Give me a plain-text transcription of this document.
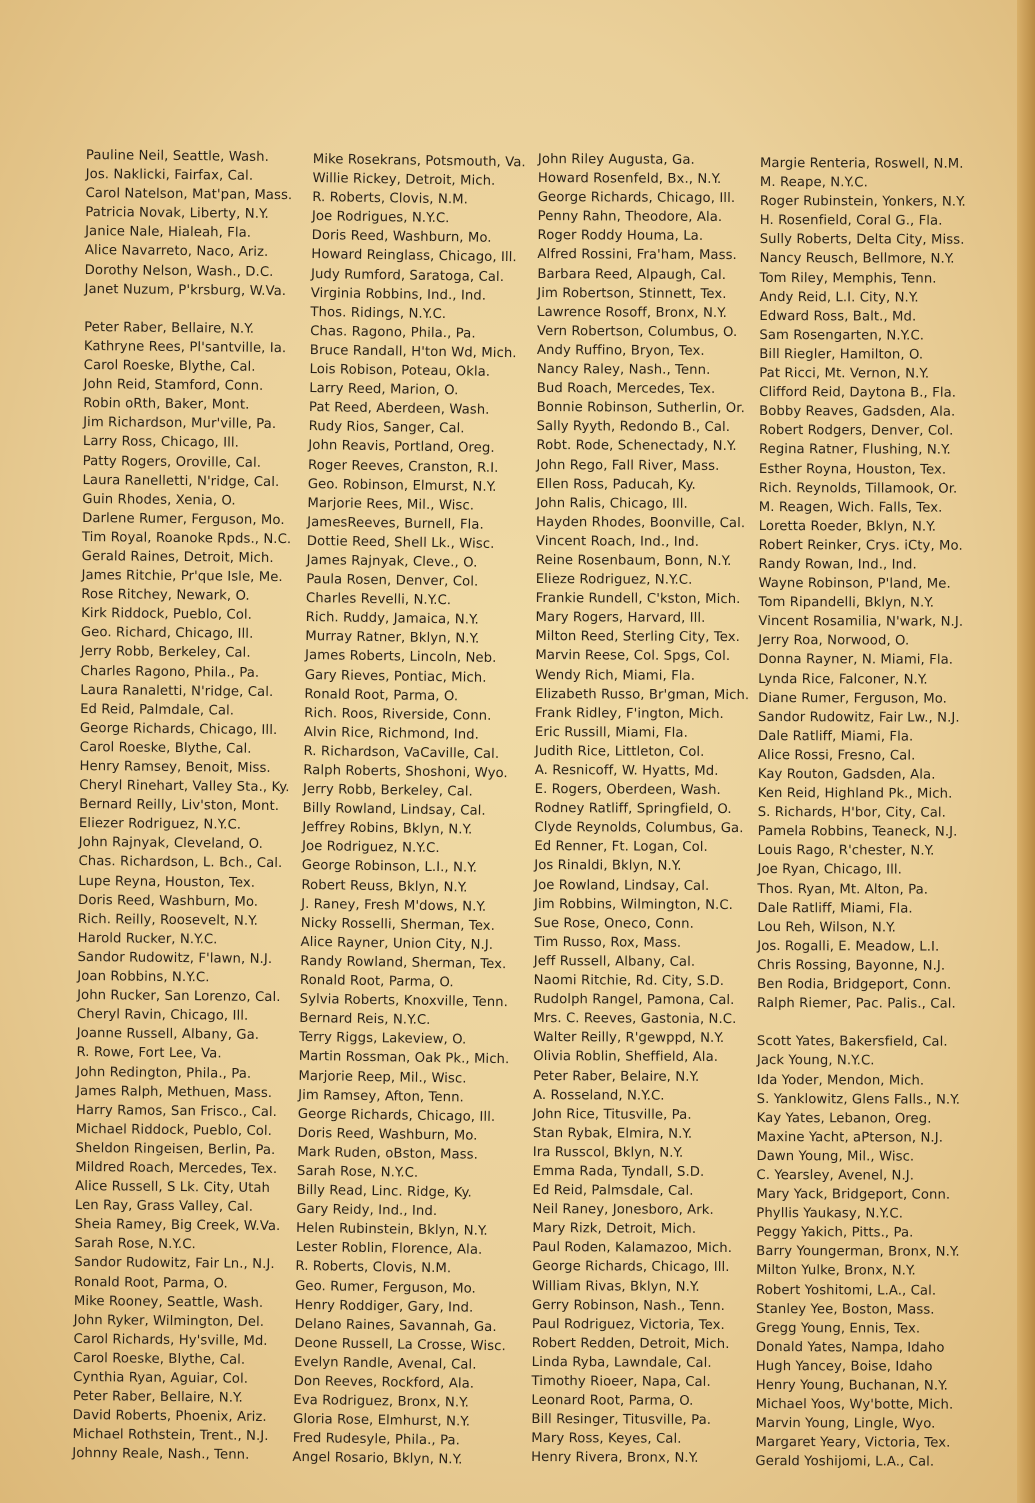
Pauline Neil, Seattle, Wash.
Jos. Naklicki, Fairfax, Cal.
Carol Natelson, Mat'pan, Mass.
Patricia Novak, Liberty, N.Y.
Janice Nale, Hialeah, Fla.
Alice Navarreto, Naco, Ariz.
Dorothy Nelson, Wash., D.C.
Janet Nuzum, P'krsburg, W.Va.
Peter Raber, Bellaire, N.Y.
Kathryne Rees, Pl'santville, Ia.
Carol Roeske, Blythe, Cal.
John Reid, Stamford, Conn.
Robin oRth, Baker, Mont.
Jim Richardson, Mur'ville, Pa.
Larry Ross, Chicago, Ill.
Patty Rogers, Oroville, Cal.
Laura Ranelletti, N'ridge, Cal.
Guin Rhodes, Xenia, O.
Darlene Rumer, Ferguson, Mo.
Tim Royal, Roanoke Rpds., N.C.
Gerald Raines, Detroit, Mich.
James Ritchie, Pr'que Isle, Me.
Rose Ritchey, Newark, O.
Kirk Riddock, Pueblo, Col.
Geo. Richard, Chicago, Ill.
Jerry Robb, Berkeley, Cal.
Charles Ragono, Phila., Pa.
Laura Ranaletti, N'ridge, Cal.
Ed Reid, Palmdale, Cal.
George Richards, Chicago, Ill.
Carol Roeske, Blythe, Cal.
Henry Ramsey, Benoit, Miss.
Cheryl Rinehart, Valley Sta., Ky.
Bernard Reilly, Liv'ston, Mont.
Eliezer Rodriguez, N.Y.C.
John Rajnyak, Cleveland, O.
Chas. Richardson, L. Bch., Cal.
Lupe Reyna, Houston, Tex.
Doris Reed, Washburn, Mo.
Rich. Reilly, Roosevelt, N.Y.
Harold Rucker, N.Y.C.
Sandor Rudowitz, F'lawn, N.J.
Joan Robbins, N.Y.C.
John Rucker, San Lorenzo, Cal.
Cheryl Ravin, Chicago, Ill.
Joanne Russell, Albany, Ga.
R. Rowe, Fort Lee, Va.
John Redington, Phila., Pa.
James Ralph, Methuen, Mass.
Harry Ramos, San Frisco., Cal.
Michael Riddock, Pueblo, Col.
Sheldon Ringeisen, Berlin, Pa.
Mildred Roach, Mercedes, Tex.
Alice Russell, S Lk. City, Utah
Len Ray, Grass Valley, Cal.
Sheia Ramey, Big Creek, W.Va.
Sarah Rose, N.Y.C.
Sandor Rudowitz, Fair Ln., N.J.
Ronald Root, Parma, O.
Mike Rooney, Seattle, Wash.
John Ryker, Wilmington, Del.
Carol Richards, Hy'sville, Md.
Carol Roeske, Blythe, Cal.
Cynthia Ryan, Aguiar, Col.
Peter Raber, Bellaire, N.Y.
David Roberts, Phoenix, Ariz.
Michael Rothstein, Trent., N.J.
Johnny Reale, Nash., Tenn.
Mike Rosekrans, Potsmouth, Va.
Willie Rickey, Detroit, Mich.
R. Roberts, Clovis, N.M.
Joe Rodrigues, N.Y.C.
Doris Reed, Washburn, Mo.
Howard Reinglass, Chicago, Ill.
Judy Rumford, Saratoga, Cal.
Virginia Robbins, Ind., Ind.
Thos. Ridings, N.Y.C.
Chas. Ragono, Phila., Pa.
Bruce Randall, H'ton Wd, Mich.
Lois Robison, Poteau, Okla.
Larry Reed, Marion, O.
Pat Reed, Aberdeen, Wash.
Rudy Rios, Sanger, Cal.
John Reavis, Portland, Oreg.
Roger Reeves, Cranston, R.I.
Geo. Robinson, Elmurst, N.Y.
Marjorie Rees, Mil., Wisc.
JamesReeves, Burnell, Fla.
Dottie Reed, Shell Lk., Wisc.
James Rajnyak, Cleve., O.
Paula Rosen, Denver, Col.
Charles Revelli, N.Y.C.
Rich. Ruddy, Jamaica, N.Y.
Murray Ratner, Bklyn, N.Y.
James Roberts, Lincoln, Neb.
Gary Rieves, Pontiac, Mich.
Ronald Root, Parma, O.
Rich. Roos, Riverside, Conn.
Alvin Rice, Richmond, Ind.
R. Richardson, VaCaville, Cal.
Ralph Roberts, Shoshoni, Wyo.
Jerry Robb, Berkeley, Cal.
Billy Rowland, Lindsay, Cal.
Jeffrey Robins, Bklyn, N.Y.
Joe Rodriguez, N.Y.C.
George Robinson, L.I., N.Y.
Robert Reuss, Bklyn, N.Y.
J. Raney, Fresh M'dows, N.Y.
Nicky Rosselli, Sherman, Tex.
Alice Rayner, Union City, N.J.
Randy Rowland, Sherman, Tex.
Ronald Root, Parma, O.
Sylvia Roberts, Knoxville, Tenn.
Bernard Reis, N.Y.C.
Terry Riggs, Lakeview, O.
Martin Rossman, Oak Pk., Mich.
Marjorie Reep, Mil., Wisc.
Jim Ramsey, Afton, Tenn.
George Richards, Chicago, Ill.
Doris Reed, Washburn, Mo.
Mark Ruden, oBston, Mass.
Sarah Rose, N.Y.C.
Billy Read, Linc. Ridge, Ky.
Gary Reidy, Ind., Ind.
Helen Rubinstein, Bklyn, N.Y.
Lester Roblin, Florence, Ala.
R. Roberts, Clovis, N.M.
Geo. Rumer, Ferguson, Mo.
Henry Roddiger, Gary, Ind.
Delano Raines, Savannah, Ga.
Deone Russell, La Crosse, Wisc.
Evelyn Randle, Avenal, Cal.
Don Reeves, Rockford, Ala.
Eva Rodriguez, Bronx, N.Y.
Gloria Rose, Elmhurst, N.Y.
Fred Rudesyle, Phila., Pa.
Angel Rosario, Bklyn, N.Y.
John Riley Augusta, Ga.
Howard Rosenfeld, Bx., N.Y.
George Richards, Chicago, Ill.
Penny Rahn, Theodore, Ala.
Roger Roddy Houma, La.
Alfred Rossini, Fra'ham, Mass.
Barbara Reed, Alpaugh, Cal.
Jim Robertson, Stinnett, Tex.
Lawrence Rosoff, Bronx, N.Y.
Vern Robertson, Columbus, O.
Andy Ruffino, Bryon, Tex.
Nancy Raley, Nash., Tenn.
Bud Roach, Mercedes, Tex.
Bonnie Robinson, Sutherlin, Or.
Sally Ryyth, Redondo B., Cal.
Robt. Rode, Schenectady, N.Y.
John Rego, Fall River, Mass.
Ellen Ross, Paducah, Ky.
John Ralis, Chicago, Ill.
Hayden Rhodes, Boonville, Cal.
Vincent Roach, Ind., Ind.
Reine Rosenbaum, Bonn, N.Y.
Elieze Rodriguez, N.Y.C.
Frankie Rundell, C'kston, Mich.
Mary Rogers, Harvard, Ill.
Milton Reed, Sterling City, Tex.
Marvin Reese, Col. Spgs, Col.
Wendy Rich, Miami, Fla.
Elizabeth Russo, Br'gman, Mich.
Frank Ridley, F'ington, Mich.
Eric Russill, Miami, Fla.
Judith Rice, Littleton, Col.
A. Resnicoff, W. Hyatts, Md.
E. Rogers, Oberdeen, Wash.
Rodney Ratliff, Springfield, O.
Clyde Reynolds, Columbus, Ga.
Ed Renner, Ft. Logan, Col.
Jos Rinaldi, Bklyn, N.Y.
Joe Rowland, Lindsay, Cal.
Jim Robbins, Wilmington, N.C.
Sue Rose, Oneco, Conn.
Tim Russo, Rox, Mass.
Jeff Russell, Albany, Cal.
Naomi Ritchie, Rd. City, S.D.
Rudolph Rangel, Pamona, Cal.
Mrs. C. Reeves, Gastonia, N.C.
Walter Reilly, R'gewppd, N.Y.
Olivia Roblin, Sheffield, Ala.
Peter Raber, Belaire, N.Y.
A. Rosseland, N.Y.C.
John Rice, Titusville, Pa.
Stan Rybak, Elmira, N.Y.
Ira Russcol, Bklyn, N.Y.
Emma Rada, Tyndall, S.D.
Ed Reid, Palmsdale, Cal.
Neil Raney, Jonesboro, Ark.
Mary Rizk, Detroit, Mich.
Paul Roden, Kalamazoo, Mich.
George Richards, Chicago, Ill.
William Rivas, Bklyn, N.Y.
Gerry Robinson, Nash., Tenn.
Paul Rodriguez, Victoria, Tex.
Robert Redden, Detroit, Mich.
Linda Ryba, Lawndale, Cal.
Timothy Rioeer, Napa, Cal.
Leonard Root, Parma, O.
Bill Resinger, Titusville, Pa.
Mary Ross, Keyes, Cal.
Henry Rivera, Bronx, N.Y.
Margie Renteria, Roswell, N.M.
M. Reape, N.Y.C.
Roger Rubinstein, Yonkers, N.Y.
H. Rosenfield, Coral G., Fla.
Sully Roberts, Delta City, Miss.
Nancy Reusch, Bellmore, N.Y.
Tom Riley, Memphis, Tenn.
Andy Reid, L.I. City, N.Y.
Edward Ross, Balt., Md.
Sam Rosengarten, N.Y.C.
Bill Riegler, Hamilton, O.
Pat Ricci, Mt. Vernon, N.Y.
Clifford Reid, Daytona B., Fla.
Bobby Reaves, Gadsden, Ala.
Robert Rodgers, Denver, Col.
Regina Ratner, Flushing, N.Y.
Esther Royna, Houston, Tex.
Rich. Reynolds, Tillamook, Or.
M. Reagen, Wich. Falls, Tex.
Loretta Roeder, Bklyn, N.Y.
Robert Reinker, Crys. iCty, Mo.
Randy Rowan, Ind., Ind.
Wayne Robinson, P'land, Me.
Tom Ripandelli, Bklyn, N.Y.
Vincent Rosamilia, N'wark, N.J.
Jerry Roa, Norwood, O.
Donna Rayner, N. Miami, Fla.
Lynda Rice, Falconer, N.Y.
Diane Rumer, Ferguson, Mo.
Sandor Rudowitz, Fair Lw., N.J.
Dale Ratliff, Miami, Fla.
Alice Rossi, Fresno, Cal.
Kay Routon, Gadsden, Ala.
Ken Reid, Highland Pk., Mich.
S. Richards, H'bor, City, Cal.
Pamela Robbins, Teaneck, N.J.
Louis Rago, R'chester, N.Y.
Joe Ryan, Chicago, Ill.
Thos. Ryan, Mt. Alton, Pa.
Dale Ratliff, Miami, Fla.
Lou Reh, Wilson, N.Y.
Jos. Rogalli, E. Meadow, L.I.
Chris Rossing, Bayonne, N.J.
Ben Rodia, Bridgeport, Conn.
Ralph Riemer, Pac. Palis., Cal.
Scott Yates, Bakersfield, Cal.
Jack Young, N.Y.C.
Ida Yoder, Mendon, Mich.
S. Yanklowitz, Glens Falls., N.Y.
Kay Yates, Lebanon, Oreg.
Maxine Yacht, aPterson, N.J.
Dawn Young, Mil., Wisc.
C. Yearsley, Avenel, N.J.
Mary Yack, Bridgeport, Conn.
Phyllis Yaukasy, N.Y.C.
Peggy Yakich, Pitts., Pa.
Barry Youngerman, Bronx, N.Y.
Milton Yulke, Bronx, N.Y.
Robert Yoshitomi, L.A., Cal.
Stanley Yee, Boston, Mass.
Gregg Young, Ennis, Tex.
Donald Yates, Nampa, Idaho
Hugh Yancey, Boise, Idaho
Henry Young, Buchanan, N.Y.
Michael Yoos, Wy'botte, Mich.
Marvin Young, Lingle, Wyo.
Margaret Yeary, Victoria, Tex.
Gerald Yoshijomi, L.A., Cal.
